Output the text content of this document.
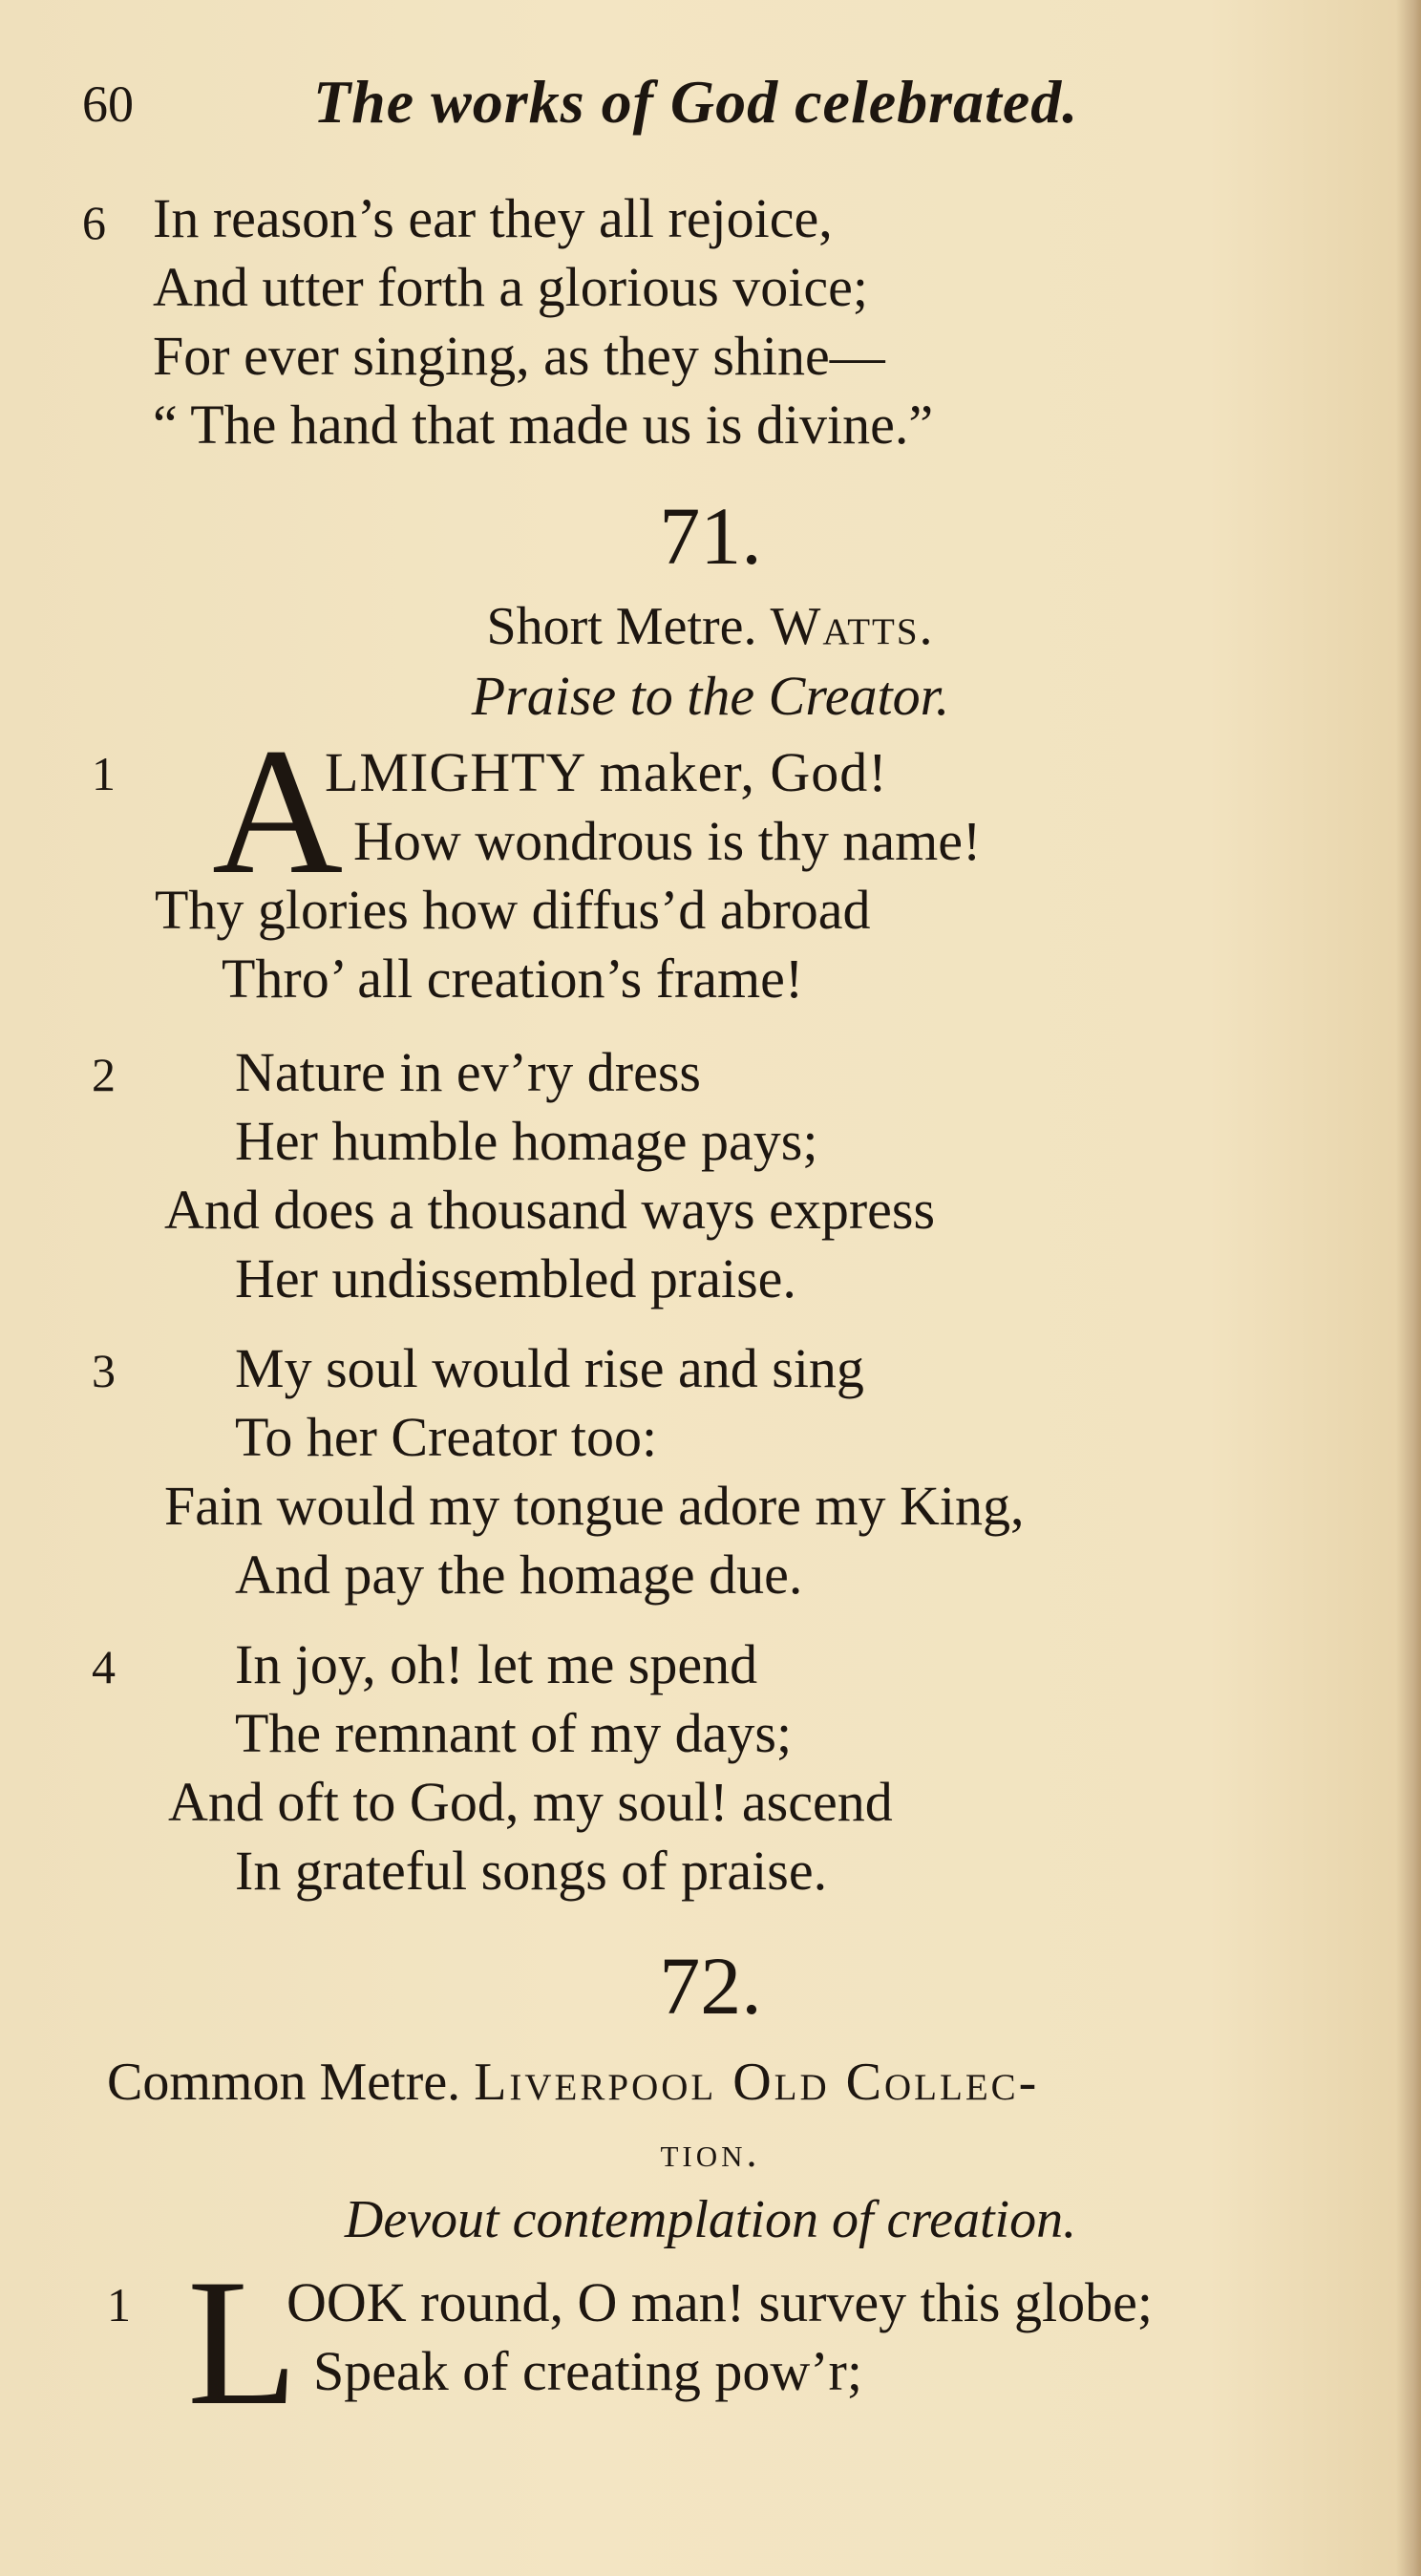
60	The works of God celebrated.
6 In reason’s ear they all rejoice,
And utter forth a glorious voice;
For ever singing, as they shine—
“ The hand that made us is divine.”
71.
Short Metre. Watts.
Praise to the Creator.
1 A
LMIGHTY maker, God!
How wondrous is thy name!
Thy glories how diffus’d abroad
Thro’ all creation’s frame!
2 Nature in ev’ry dress
Her humble homage pays;
And does a thousand ways express
Her undissembled praise.
3 My soul would rise and sing
To her Creator too:
Fain would my tongue adore my King,
And pay the homage due.
4 In joy, oh! let me spend
The remnant of my days;
And oft to God, my soul! ascend
In grateful songs of praise.
72.
Common Metre. Liverpool Old Collec-
tion.
Devout contemplation of creation.
1 L
OOK round, O man! survey this globe;
Speak of creating pow’r;
